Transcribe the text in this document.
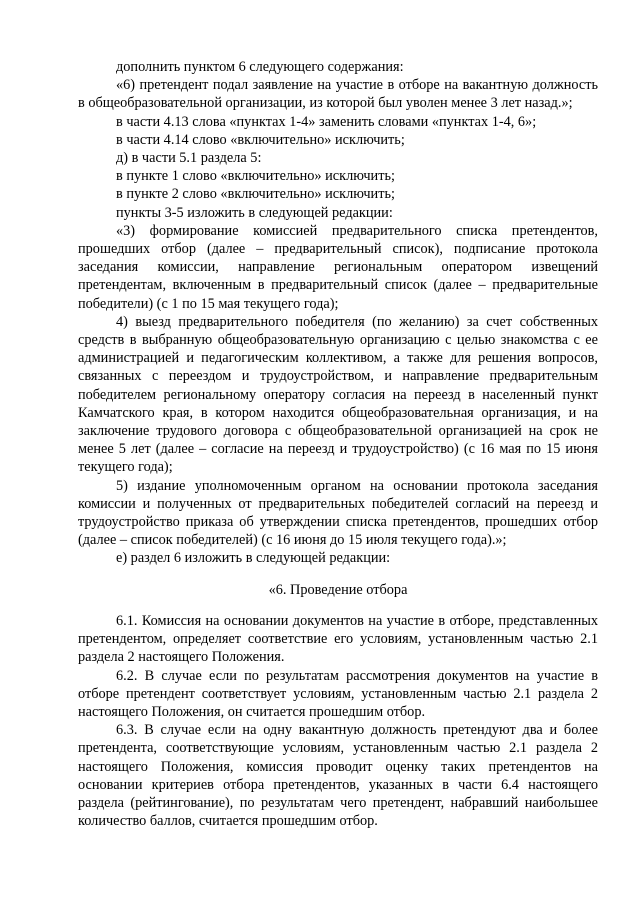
дополнить пунктом 6 следующего содержания:

«6) претендент подал заявление на участие в отборе на вакантную должность в общеобразовательной организации, из которой был уволен менее 3 лет назад.»;

в части 4.13 слова «пунктах 1-4» заменить словами «пунктах 1-4, 6»;

в части 4.14 слово «включительно» исключить;

д) в части 5.1 раздела 5:

в пункте 1 слово «включительно» исключить;

в пункте 2 слово «включительно» исключить;

пункты 3-5 изложить в следующей редакции:

«3) формирование комиссией предварительного списка претендентов, прошедших отбор (далее – предварительный список), подписание протокола заседания комиссии, направление региональным оператором извещений претендентам, включенным в предварительный список (далее – предварительные победители) (с 1 по 15 мая текущего года);

4) выезд предварительного победителя (по желанию) за счет собственных средств в выбранную общеобразовательную организацию с целью знакомства с ее администрацией и педагогическим коллективом, а также для решения вопросов, связанных с переездом и трудоустройством, и направление предварительным победителем региональному оператору согласия на переезд в населенный пункт Камчатского края, в котором находится общеобразовательная организация, и на заключение трудового договора с общеобразовательной организацией на срок не менее 5 лет (далее – согласие на переезд и трудоустройство) (с 16 мая по 15 июня текущего года);

5) издание уполномоченным органом на основании протокола заседания комиссии и полученных от предварительных победителей согласий на переезд и трудоустройство приказа об утверждении списка претендентов, прошедших отбор (далее – список победителей) (с 16 июня до 15 июля текущего года).»;

е) раздел 6 изложить в следующей редакции:

«6. Проведение отбора

6.1. Комиссия на основании документов на участие в отборе, представленных претендентом, определяет соответствие его условиям, установленным частью 2.1 раздела 2 настоящего Положения.

6.2. В случае если по результатам рассмотрения документов на участие в отборе претендент соответствует условиям, установленным частью 2.1 раздела 2 настоящего Положения, он считается прошедшим отбор.

6.3. В случае если на одну вакантную должность претендуют два и более претендента, соответствующие условиям, установленным частью 2.1 раздела 2 настоящего Положения, комиссия проводит оценку таких претендентов на основании критериев отбора претендентов, указанных в части 6.4 настоящего раздела (рейтингование), по результатам чего претендент, набравший наибольшее количество баллов, считается прошедшим отбор.
